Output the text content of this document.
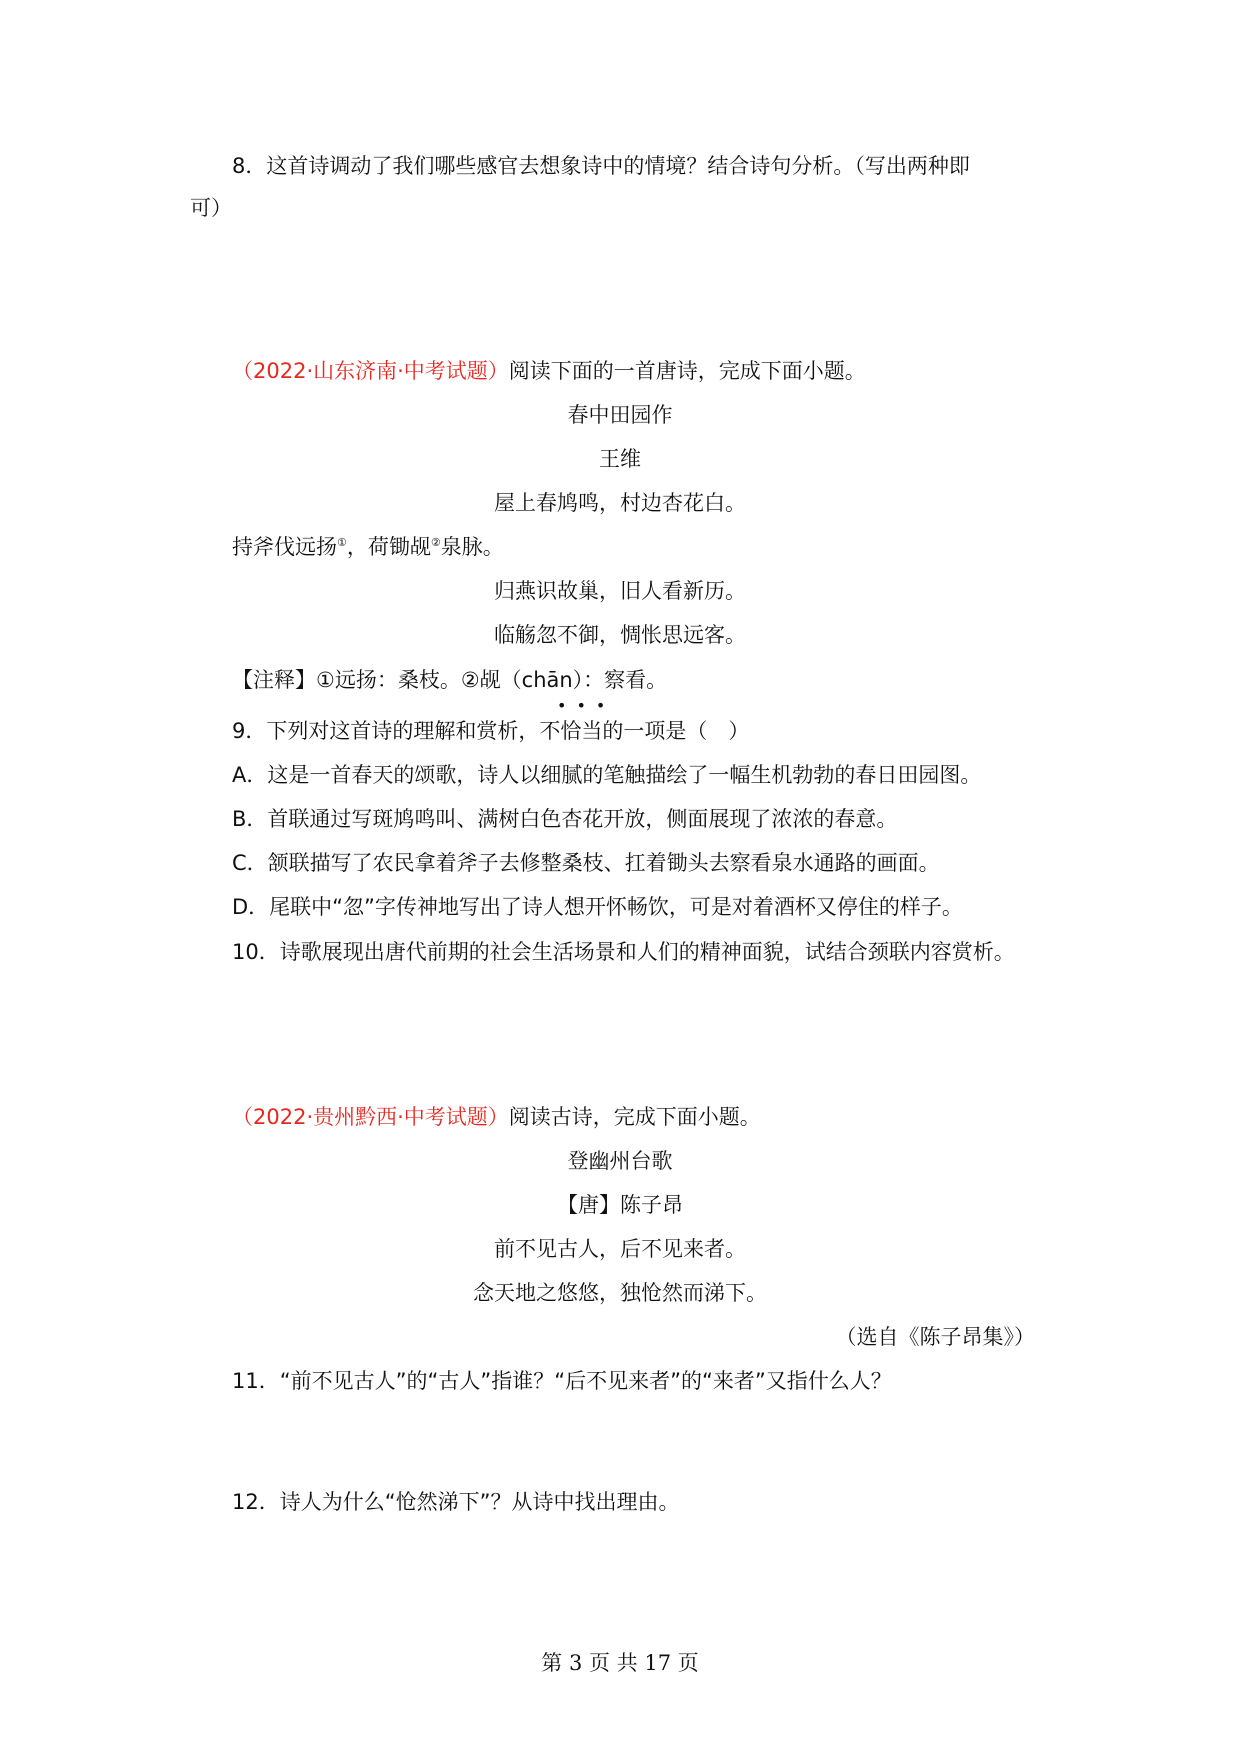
8．这首诗调动了我们哪些感官去想象诗中的情境？结合诗句分析。（写出两种即
可）
（2022·山东济南·中考试题）阅读下面的一首唐诗，完成下面小题。
春中田园作
王维
屋上春鸠鸣，村边杏花白。
持斧伐远扬①，荷锄觇②泉脉。
归燕识故巢，旧人看新历。
临觞忽不御，惆怅思远客。
【注释】①远扬：桑枝。②觇（chān）：察看。
•••
9．下列对这首诗的理解和赏析，不恰当的一项是（　）
A．这是一首春天的颂歌，诗人以细腻的笔触描绘了一幅生机勃勃的春日田园图。
B．首联通过写斑鸠鸣叫、满树白色杏花开放，侧面展现了浓浓的春意。
C．颔联描写了农民拿着斧子去修整桑枝、扛着锄头去察看泉水通路的画面。
D．尾联中“忽”字传神地写出了诗人想开怀畅饮，可是对着酒杯又停住的样子。
10．诗歌展现出唐代前期的社会生活场景和人们的精神面貌，试结合颈联内容赏析。
（2022·贵州黔西·中考试题）阅读古诗，完成下面小题。
登幽州台歌
【唐】陈子昂
前不见古人，后不见来者。
念天地之悠悠，独怆然而涕下。
（选自《陈子昂集》）
11．“前不见古人”的“古人”指谁？“后不见来者”的“来者”又指什么人？
12．诗人为什么“怆然涕下”？从诗中找出理由。
第 3 页 共 17 页
